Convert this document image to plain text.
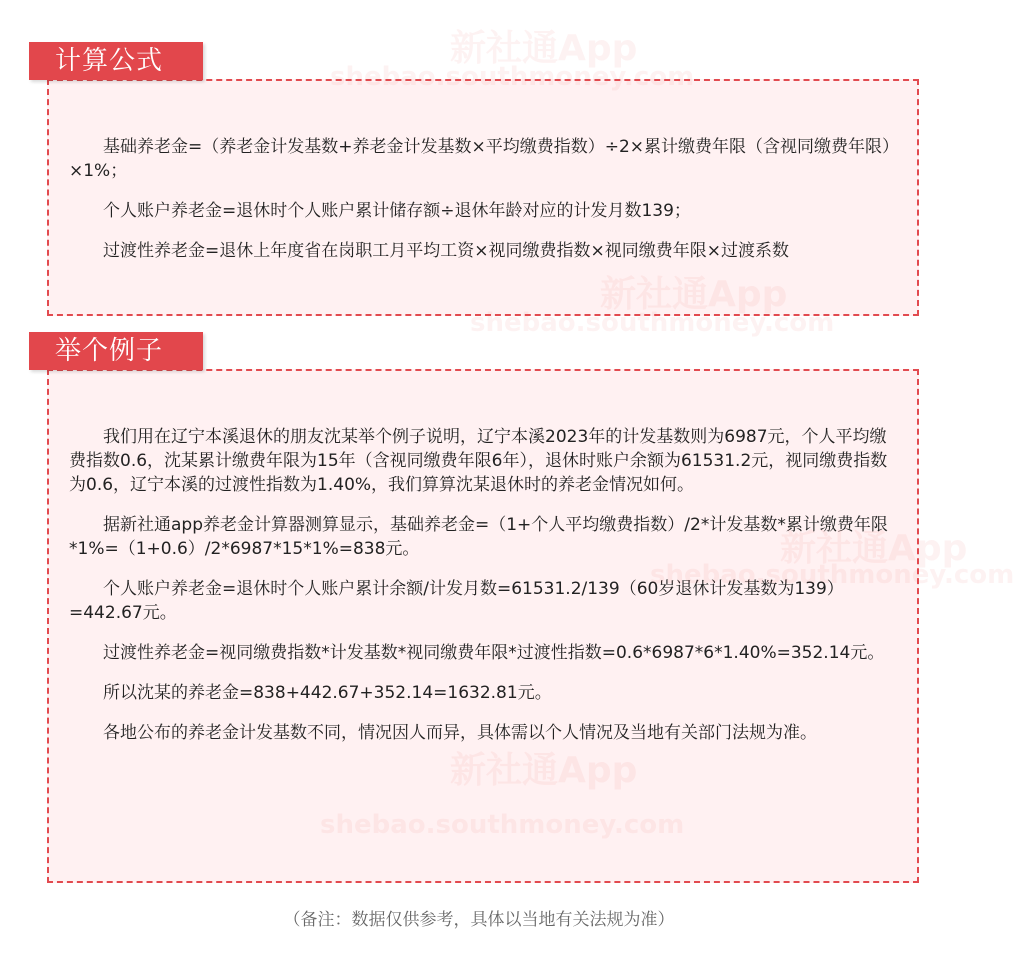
计算公式

基础养老金=（养老金计发基数+养老金计发基数×平均缴费指数）÷2×累计缴费年限（含视同缴费年限）×1%；

个人账户养老金=退休时个人账户累计储存额÷退休年龄对应的计发月数139；

过渡性养老金=退休上年度省在岗职工月平均工资×视同缴费指数×视同缴费年限×过渡系数

举个例子

我们用在辽宁本溪退休的朋友沈某举个例子说明，辽宁本溪2023年的计发基数则为6987元，个人平均缴费指数0.6，沈某累计缴费年限为15年（含视同缴费年限6年），退休时账户余额为61531.2元，视同缴费指数为0.6，辽宁本溪的过渡性指数为1.40%，我们算算沈某退休时的养老金情况如何。

据新社通app养老金计算器测算显示，基础养老金=（1+个人平均缴费指数）/2*计发基数*累计缴费年限*1%=（1+0.6）/2*6987*15*1%=838元。

个人账户养老金=退休时个人账户累计余额/计发月数=61531.2/139（60岁退休计发基数为139）=442.67元。

过渡性养老金=视同缴费指数*计发基数*视同缴费年限*过渡性指数=0.6*6987*6*1.40%=352.14元。

所以沈某的养老金=838+442.67+352.14=1632.81元。

各地公布的养老金计发基数不同，情况因人而异，具体需以个人情况及当地有关部门法规为准。

（备注：数据仅供参考，具体以当地有关法规为准）
新社通App
shebao.southmoney.com
shebao.southmoney.com
